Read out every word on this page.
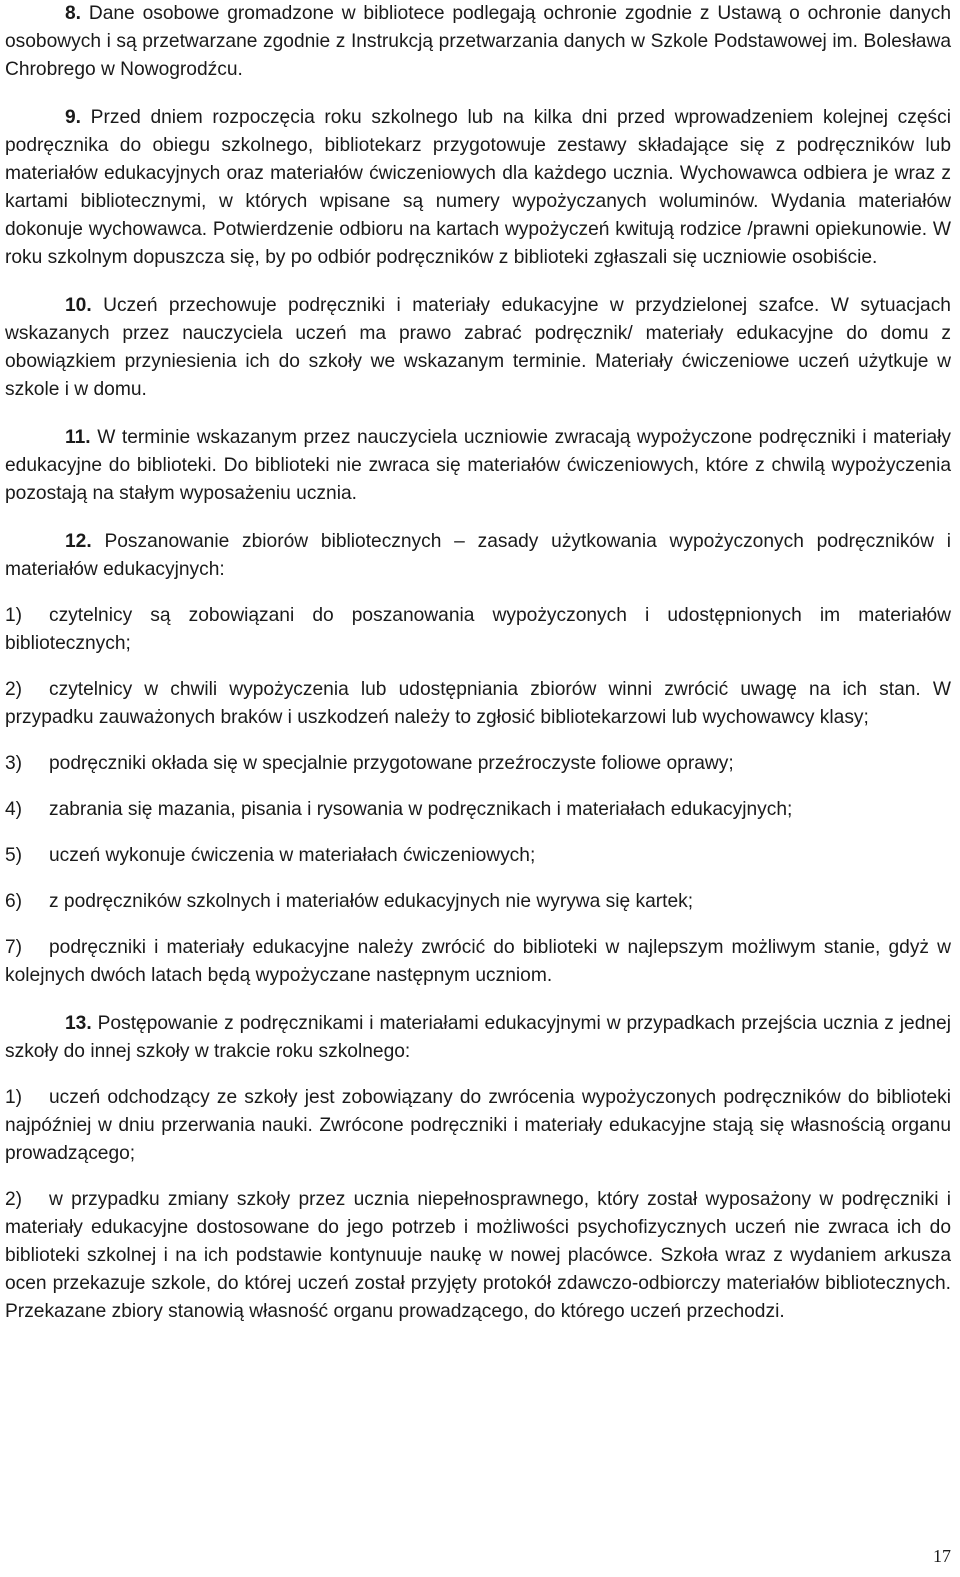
8. Dane osobowe gromadzone w bibliotece podlegają ochronie zgodnie z Ustawą o ochronie danych osobowych i są przetwarzane zgodnie z Instrukcją przetwarzania danych w Szkole Podstawowej im. Bolesława Chrobrego w Nowogrodźcu.

9. Przed dniem rozpoczęcia roku szkolnego lub na kilka dni przed wprowadzeniem kolejnej części podręcznika do obiegu szkolnego, bibliotekarz przygotowuje zestawy składające się z podręczników lub materiałów edukacyjnych oraz materiałów ćwiczeniowych dla każdego ucznia. Wychowawca odbiera je wraz z kartami bibliotecznymi, w których wpisane są numery wypożyczanych woluminów. Wydania materiałów dokonuje wychowawca. Potwierdzenie odbioru na kartach wypożyczeń kwitują rodzice /prawni opiekunowie. W roku szkolnym dopuszcza się, by po odbiór podręczników z biblioteki zgłaszali się uczniowie osobiście.

10. Uczeń przechowuje podręczniki i materiały edukacyjne w przydzielonej szafce. W sytuacjach wskazanych przez nauczyciela uczeń ma prawo zabrać podręcznik/ materiały edukacyjne do domu z obowiązkiem przyniesienia ich do szkoły we wskazanym terminie. Materiały ćwiczeniowe uczeń użytkuje w szkole i w domu.

11. W terminie wskazanym przez nauczyciela uczniowie zwracają wypożyczone podręczniki i materiały edukacyjne do biblioteki. Do biblioteki nie zwraca się materiałów ćwiczeniowych, które z chwilą wypożyczenia pozostają na stałym wyposażeniu ucznia.

12. Poszanowanie zbiorów bibliotecznych – zasady użytkowania wypożyczonych podręczników i materiałów edukacyjnych:

1) czytelnicy są zobowiązani do poszanowania wypożyczonych i udostępnionych im materiałów bibliotecznych;

2) czytelnicy w chwili wypożyczenia lub udostępniania zbiorów winni zwrócić uwagę na ich stan. W przypadku zauważonych braków i uszkodzeń należy to zgłosić bibliotekarzowi lub wychowawcy klasy;

3) podręczniki okłada się w specjalnie przygotowane przeźroczyste foliowe oprawy;

4) zabrania się mazania, pisania i rysowania w podręcznikach i materiałach edukacyjnych;

5) uczeń wykonuje ćwiczenia w materiałach ćwiczeniowych;

6) z podręczników szkolnych i materiałów edukacyjnych nie wyrywa się kartek;

7) podręczniki i materiały edukacyjne należy zwrócić do biblioteki w najlepszym możliwym stanie, gdyż w kolejnych dwóch latach będą wypożyczane następnym uczniom.

13. Postępowanie z podręcznikami i materiałami edukacyjnymi w przypadkach przejścia ucznia z jednej szkoły do innej szkoły w trakcie roku szkolnego:

1) uczeń odchodzący ze szkoły jest zobowiązany do zwrócenia wypożyczonych podręczników do biblioteki najpóźniej w dniu przerwania nauki. Zwrócone podręczniki i materiały edukacyjne stają się własnością organu prowadzącego;

2) w przypadku zmiany szkoły przez ucznia niepełnosprawnego, który został wyposażony w podręczniki i materiały edukacyjne dostosowane do jego potrzeb i możliwości psychofizycznych uczeń nie zwraca ich do biblioteki szkolnej i na ich podstawie kontynuuje naukę w nowej placówce. Szkoła wraz z wydaniem arkusza ocen przekazuje szkole, do której uczeń został przyjęty protokół zdawczo-odbiorczy materiałów bibliotecznych. Przekazane zbiory stanowią własność organu prowadzącego, do którego uczeń przechodzi.

17
